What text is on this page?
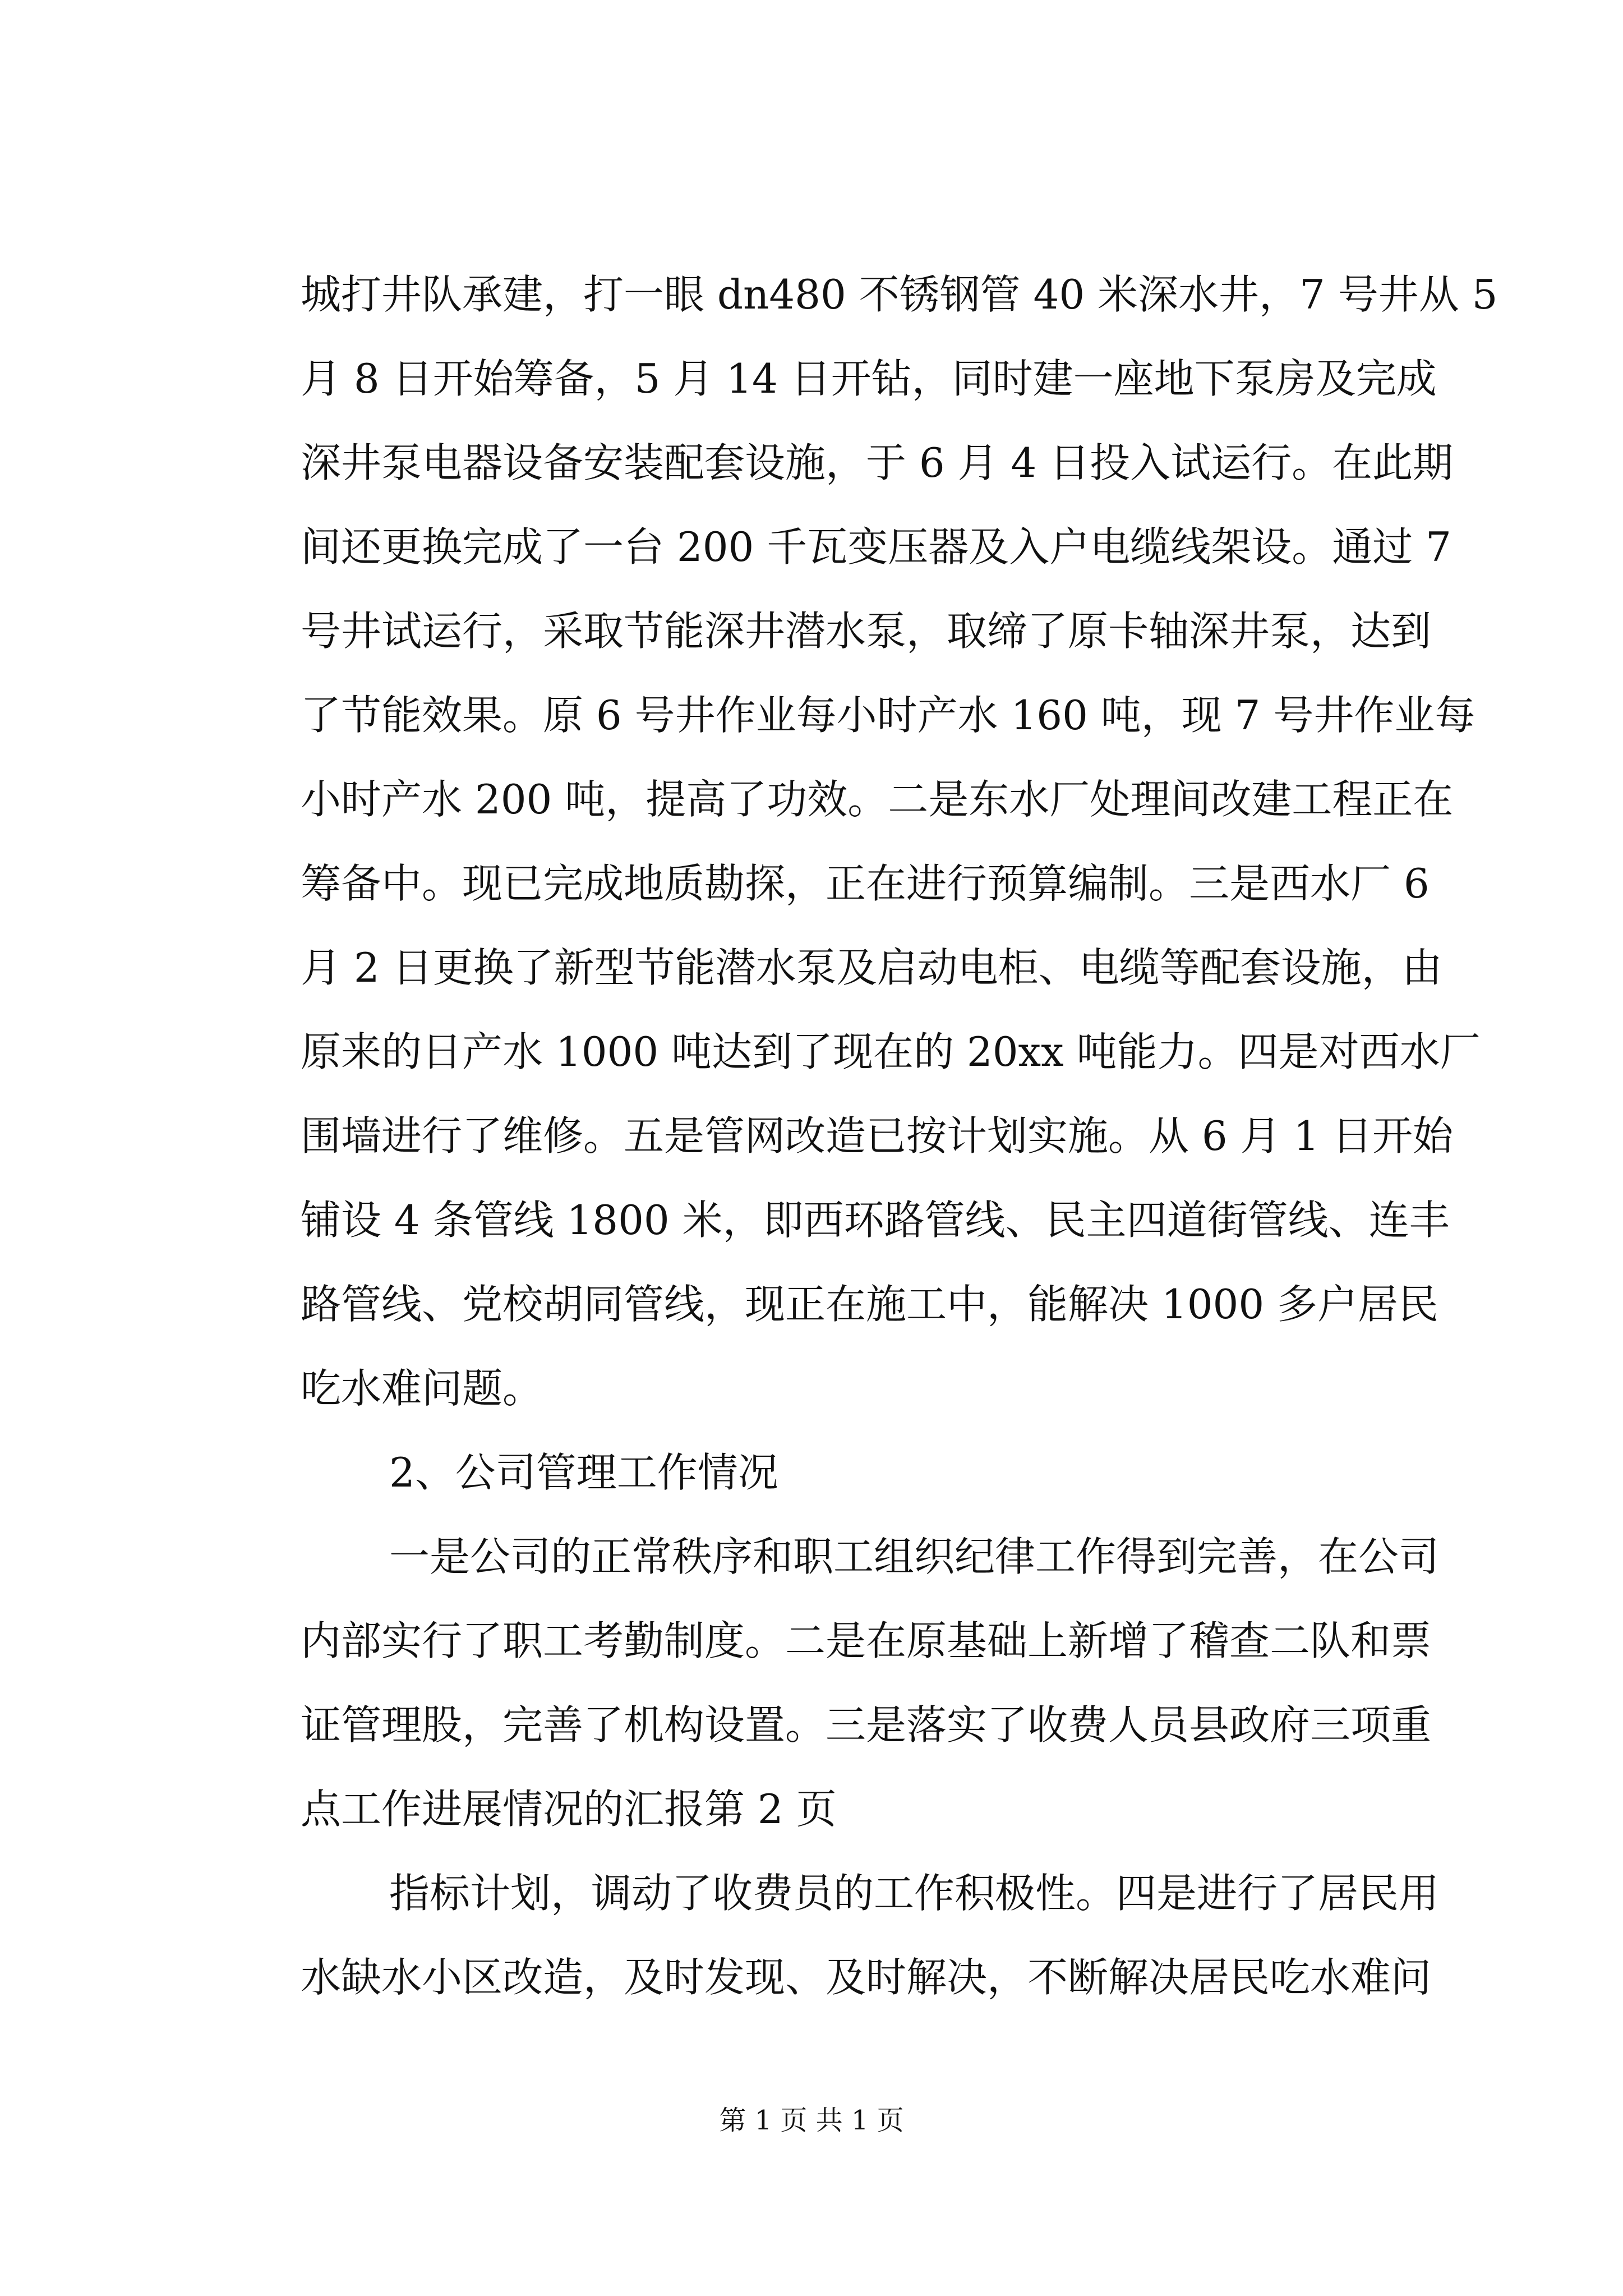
城打井队承建，打一眼 dn480 不锈钢管 40 米深水井，7 号井从 5
月 8 日开始筹备，5 月 14 日开钻，同时建一座地下泵房及完成
深井泵电器设备安装配套设施，于 6 月 4 日投入试运行。在此期
间还更换完成了一台 200 千瓦变压器及入户电缆线架设。通过 7
号井试运行，采取节能深井潜水泵，取缔了原卡轴深井泵，达到
了节能效果。原 6 号井作业每小时产水 160 吨，现 7 号井作业每
小时产水 200 吨，提高了功效。二是东水厂处理间改建工程正在
筹备中。现已完成地质勘探，正在进行预算编制。三是西水厂 6
月 2 日更换了新型节能潜水泵及启动电柜、电缆等配套设施，由
原来的日产水 1000 吨达到了现在的 20xx 吨能力。四是对西水厂
围墙进行了维修。五是管网改造已按计划实施。从 6 月 1 日开始
铺设 4 条管线 1800 米，即西环路管线、民主四道街管线、连丰
路管线、党校胡同管线，现正在施工中，能解决 1000 多户居民
吃水难问题。
2、公司管理工作情况
一是公司的正常秩序和职工组织纪律工作得到完善，在公司
内部实行了职工考勤制度。二是在原基础上新增了稽查二队和票
证管理股，完善了机构设置。三是落实了收费人员县政府三项重
点工作进展情况的汇报第 2 页
指标计划，调动了收费员的工作积极性。四是进行了居民用
水缺水小区改造，及时发现、及时解决，不断解决居民吃水难问
第 1 页 共 1 页
